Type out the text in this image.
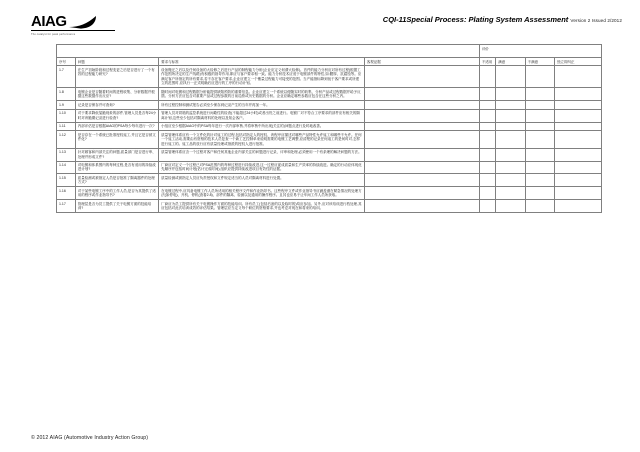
AIAG
The catalyst for peak performance
CQI-11Special Process: Plating System Assessment Version 2 Issued 2/2012
				评价			
序号	问题	要求与标准	客观证据	不适用	满意	不满意	独立即纠正
1.7	在生产初始阶段和过程变更之后是否进行了一个有效的过程能力研究?	设备搬迁之后以及任何设备的大检修之后进行产品的制程能力分析(企业应定义何谓大检修)。首件的能力分析应对所有过程(根据工作范围所决定的生产线路)有积极的指导作用,即应与客户要求相一致。能力分析技术应适于电镀部件的特性,如:膜厚、抗腐蚀等。应满足客户所指定的所有要求,若不存在客户要求,企业应建立一个衡量过程能力可接受的范围。当产能指标降到低于客户要求或所建立的范围时,应执行一正式明确后应进行的工序的行动计划。					
1.8	电镀企业是否随着时间的进程收集、分析数据并根据这些数据作出反应?	随时间对电镀和过程数据分析能提供缺陷预防的重要信息。企业应建立一个系统以便随实时的收集、分析产品或过程数据并给予反馈。分析方法应包含对重要产品或过程参数的日前趋势或历史数据的分析。企业应确定哪些参数应包含在这些分析之内。					
1.9	记录是否保存并可查询?	所有过程控制和测试报告必须至少保存到记录产生的当年并再加一年。					
1.10	对于要求降低氢脆现象的部件,管理人员是否每24小时对该脆期记录进行检查?	管理人员对烘箱的监控系统进行间歇性的检查(不能超过24小时)或者出货之前进行。电镀厂对不符合工序要求的部件应有相关的隔离计划,这些至少包括对隔离材料的处理以及知会客户。					
1.11	内部评估是否根据AIAG的PSA每少每年进行一次?	小组应至少根据AIAG中的PSA每年进行一次内部审核,并将审核中所出现(关注的)问题点进行及时地改善。					
1.12	是否存在一个系统已批准授权返工,并且它是否被文件化?	质量管理体系应有一个文件化的针对返工的过程,包括对指定人的授权、该程序应描述对哪些产品特性允许返工和哪些不允许。任何一个返工活动,需要由有资格的技术人员复查一个新工艺控制单来说明需要的电镀工艺调整,应清楚的记录任何返工的是何时对,怎样进行返工的。返工品的放行应有质量经理或指派的授权人进行批准。					
1.13	针对顾客和内部关注的问题,质量部门是否进行审、处理并形成文件?	质量管理体系应含一个过程对客户和任何其他企业内部关注的问题进行记录、评审和处理,必须使用一个有条理的解决问题的方法。					
1.14	对电镀和体系围内的每种过程,是否有适用的持续改进计划?	厂商应对定义一个过程已对PSA范围内的每种过程进行持续改进,这一过程应促成质量和生产效率的持续改进。确定的行动应体现优先顺序并包括时间计划(估计完成时间),组织应提供持续改进项目有效性的证据。					
1.15	质量检测或被指定人员是否批准了隔离器件的处理方式?	质量检测或被指定人员应负责授权和文件规定适当的人员对隔离材料进行处置。					
1.16	对于某些电镀工序中的工作人员,是否为其提供了适用的程序或作业指导书?	在电镀过程中,应具备电镀工作人员所适用的相关程序文件和作业指导书。这些程序文件或作业指导书应涵盖潜在紧急情况的处理方法(如停电)、开机、停机(查看2.8)、部件的隔离、检测以及通用的操作程序。且其也应易于让车间工作人员所获取。					
1.17	管理层是否为员工提供了关于电镀方面的技能培训?	厂商应为员工提供所有关于电镀操作方面的技能培训。所有员工(包括后备的以及临时的)均应参加。另外,应对该培训进行档处理,其应包括对此次培训成效的评估结果。管理层应当定义每个职位的资格要求,并也考虑对现在和将来的培训。					
© 2012 AIAG (Automotive Industry Action Group)
